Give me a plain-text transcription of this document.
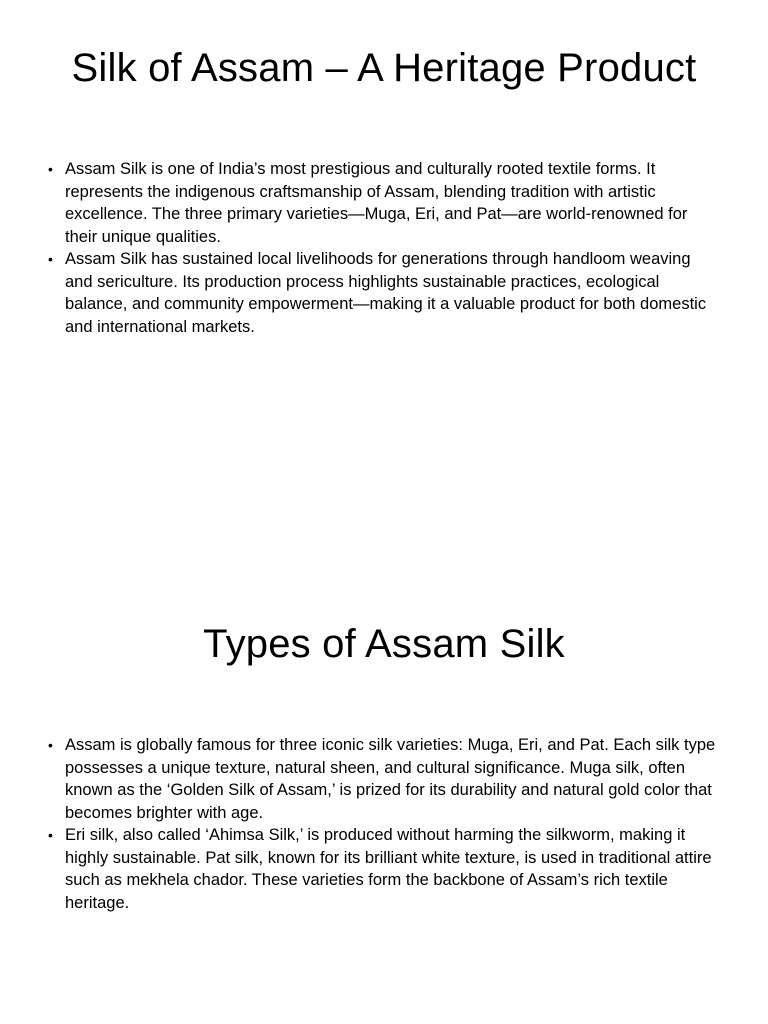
Silk of Assam – A Heritage Product
• Assam Silk is one of India’s most prestigious and culturally rooted textile forms. It represents the indigenous craftsmanship of Assam, blending tradition with artistic excellence. The three primary varieties—Muga, Eri, and Pat—are world-renowned for their unique qualities.
• Assam Silk has sustained local livelihoods for generations through handloom weaving and sericulture. Its production process highlights sustainable practices, ecological balance, and community empowerment—making it a valuable product for both domestic and international markets.
Types of Assam Silk
• Assam is globally famous for three iconic silk varieties: Muga, Eri, and Pat. Each silk type possesses a unique texture, natural sheen, and cultural significance. Muga silk, often known as the ‘Golden Silk of Assam,’ is prized for its durability and natural gold color that becomes brighter with age.
• Eri silk, also called ‘Ahimsa Silk,’ is produced without harming the silkworm, making it highly sustainable. Pat silk, known for its brilliant white texture, is used in traditional attire such as mekhela chador. These varieties form the backbone of Assam’s rich textile heritage.
